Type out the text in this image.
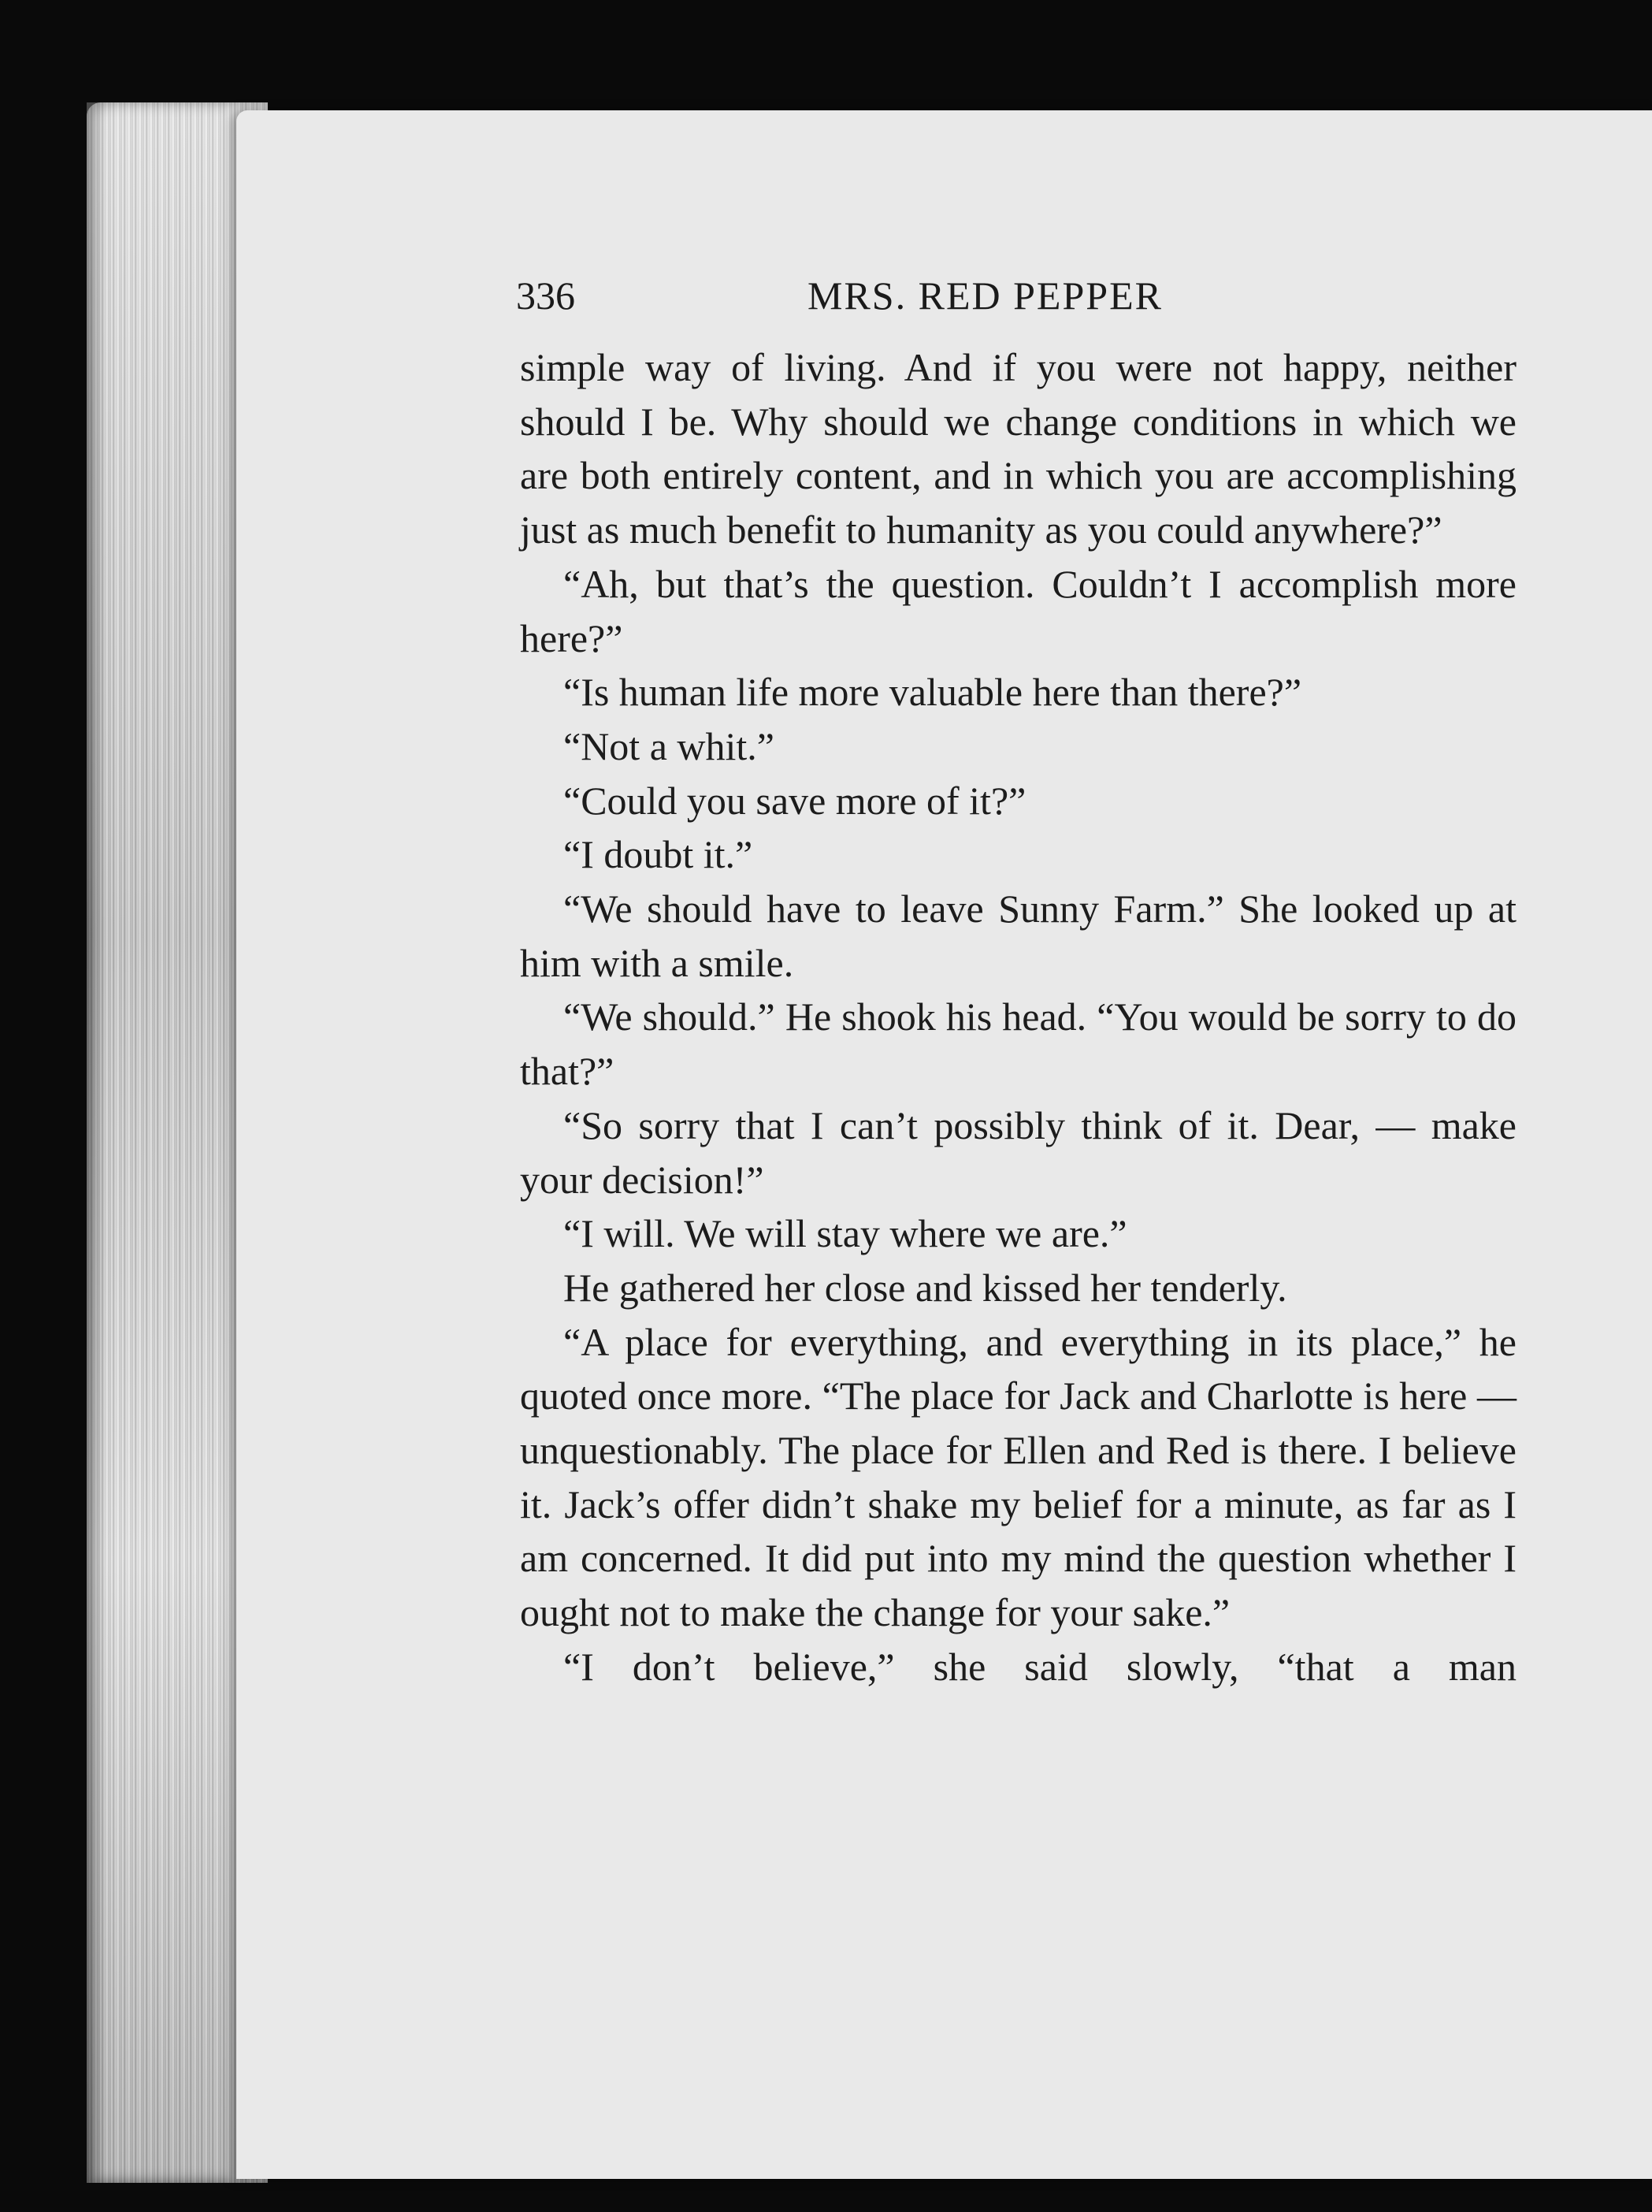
336	MRS. RED PEPPER

simple way of living. And if you were not happy, neither should I be. Why should we change conditions in which we are both entirely content, and in which you are accomplishing just as much benefit to humanity as you could anywhere?”

“Ah, but that’s the question. Couldn’t I accomplish more here?”

“Is human life more valuable here than there?”

“Not a whit.”

“Could you save more of it?”

“I doubt it.”

“We should have to leave Sunny Farm.” She looked up at him with a smile.

“We should.” He shook his head. “You would be sorry to do that?”

“So sorry that I can’t possibly think of it. Dear, — make your decision!”

“I will. We will stay where we are.”

He gathered her close and kissed her tenderly.

“A place for everything, and everything in its place,” he quoted once more. “The place for Jack and Charlotte is here — unquestionably. The place for Ellen and Red is there. I believe it. Jack’s offer didn’t shake my belief for a minute, as far as I am concerned. It did put into my mind the question whether I ought not to make the change for your sake.”

“I don’t believe,” she said slowly, “that a man
